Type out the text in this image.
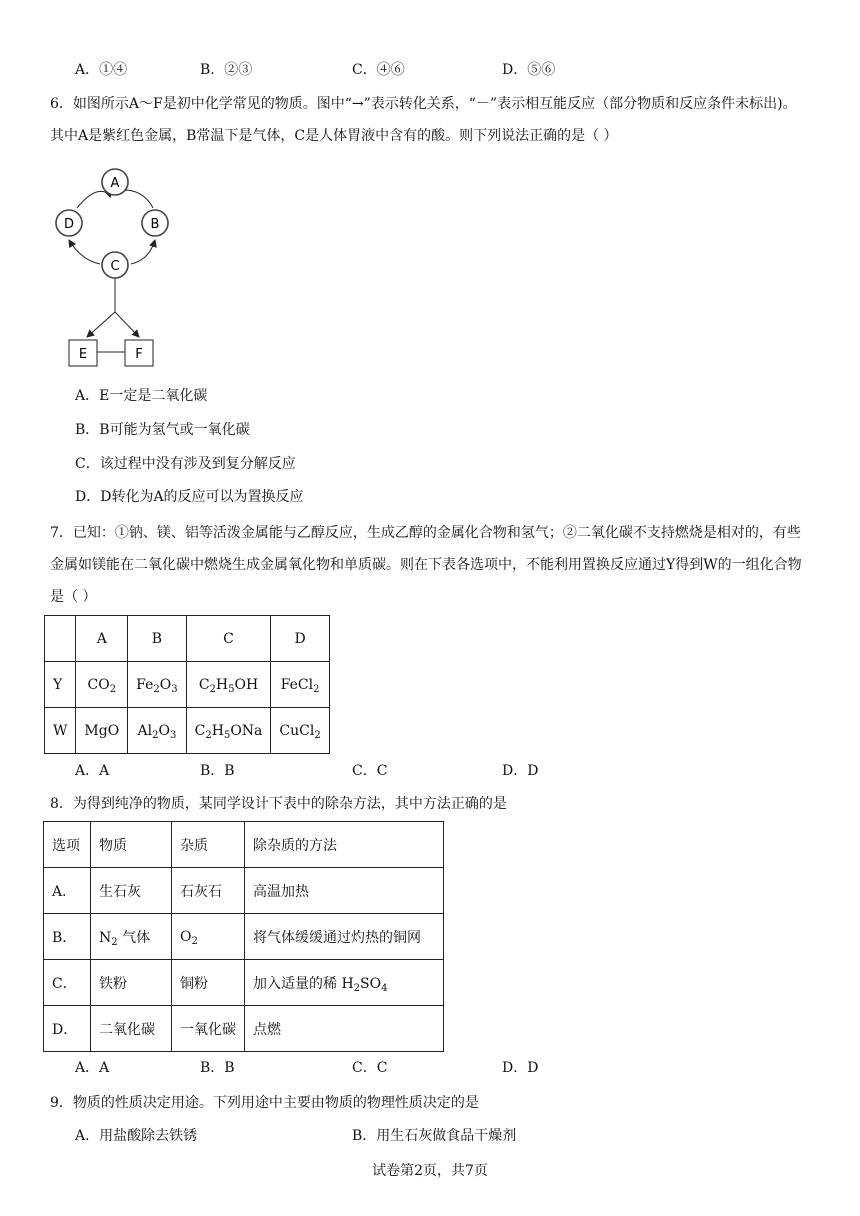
A．①④	B．②③	C．④⑥	D．⑤⑥
6．如图所示A～F是初中化学常见的物质。图中“→”表示转化关系，“－”表示相互能反应（部分物质和反应条件未标出)。其中A是紫红色金属，B常温下是气体，C是人体胃液中含有的酸。则下列说法正确的是（ ）
A
B
C
D
E	F
A．E一定是二氧化碳
B．B可能为氢气或一氧化碳
C．该过程中没有涉及到复分解反应
D．D转化为A的反应可以为置换反应
7．已知：①钠、镁、铝等活泼金属能与乙醇反应，生成乙醇的金属化合物和氢气；②二氧化碳不支持燃烧是相对的，有些金属如镁能在二氧化碳中燃烧生成金属氧化物和单质碳。则在下表各选项中，不能利用置换反应通过Y得到W的一组化合物是（ ）
	A	B	C	D
Y	$CO_2$	$Fe_2O_3$	$C_2H_5OH$	FeCl$_2$
W	MgO	$Al_2O_3$	$C_2H_5ONa$	CuCl$_2$
A．A	B．B	C．C	D．D
8．为得到纯净的物质，某同学设计下表中的除杂方法，其中方法正确的是
选项	物质	杂质	除杂质的方法
A．	生石灰	石灰石	高温加热
B．	$N_2$ 气体	$O_2$	将气体缓缓通过灼热的铜网
C．	铁粉	铜粉	加入适量的稀 $H_2SO_4$
D．	二氧化碳	一氧化碳	点燃
A．A	B．B	C．C	D．D
9．物质的性质决定用途。下列用途中主要由物质的物理性质决定的是
A．用盐酸除去铁锈	B．用生石灰做食品干燥剂
试卷第2页，共7页
